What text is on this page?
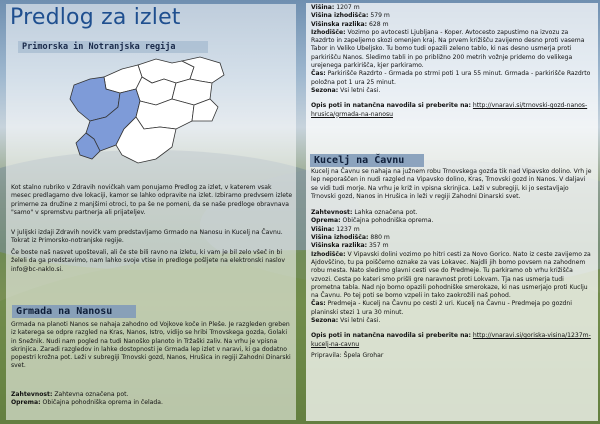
Predlog za izlet
Primorska in Notranjska regija
Kot stalno rubriko v Zdravih novičkah vam ponujamo Predlog za izlet, v katerem vsak mesec predlagamo dve lokaciji, kamor se lahko odpravite na izlet. Izbiramo predvsem izlete primerne za družine z manjšimi otroci, to pa še ne pomeni, da se naše predloge obravnava "samo" v spremstvu partnerja ali prijateljev.
V julijski izdaji Zdravih novičk vam predstavljamo Grmado na Nanosu in Kucelj na Čavnu. Tokrat iz Primorsko-notranjske regije.
Če boste naš nasvet upoštevali, ali če ste bili ravno na izletu, ki vam je bil zelo všeč in bi želeli da ga predstavimo, nam lahko svoje vtise in predloge pošljete na elektronski naslov info@bc-naklo.si.
Grmada na Nanosu
Grmada na planoti Nanos se nahaja zahodno od Vojkove koče in Pleše. Je razgleden greben iz katerega se odpre razgled na Kras, Nanos, Istro, vidijo se hribi Trnovskega gozda, Golaki in Snežnik. Nudi nam pogled na tudi Nanoško planoto in Tržaški zaliv. Na vrhu je vpisna skrinjica. Zaradi razgledov in lahke dostopnosti je Grmada lep izlet v naravi, ki ga dodatno popestri krožna pot. Leži v subregiji Trnovski gozd, Nanos, Hrušica in regiji Zahodni Dinarski svet.
Zahtevnost: Zahtevna označena pot.
Oprema: Običajna pohodniška oprema in čelada.
Višina: 1207 m
Višina izhodišča: 579 m
Višinska razlika: 628 m
Izhodišče: Vozimo po avtocesti Ljubljana - Koper. Avtocesto zapustimo na izvozu za Razdrto in zapeljemo skozi omenjen kraj. Na prvem križišču zavijemo desno proti vasema Tabor in Veliko Ubeljsko. Tu bomo tudi opazili zeleno tablo, ki nas desno usmerja proti parkirišču Nanos. Sledimo tabli in po približno 200 metrih vožnje pridemo do velikega urejenega parkirišča, kjer parkiramo.
Čas: Parkirišče Razdrto - Grmada po strmi poti 1 ura 55 minut. Grmada - parkirišče Razdrto položna pot 1 ura 25 minut.
Sezona: Vsi letni časi.
Opis poti in natančna navodila si preberite na: http://vnaravi.si/trnovski-gozd-nanos-hrusica/grmada-na-nanosu
Kucelj na Čavnu
Kucelj na Čavnu se nahaja na južnem robu Trnovskega gozda tik nad Vipavsko dolino. Vrh je lep neporaščen in nudi razgled na Vipavsko dolino, Kras, Trnovski gozd in Nanos. V daljavi se vidi tudi morje. Na vrhu je križ in vpisna skrinjica. Leži v subregiji, ki jo sestavljajo Trnovski gozd, Nanos in Hrušica in leži v regiji Zahodni Dinarski svet.
Zahtevnost: Lahka označena pot.
Oprema: Običajna pohodniška oprema.
Višina: 1237 m
Višina izhodišča: 880 m
Višinska razlika: 357 m
Izhodišče: V Vipavski dolini vozimo po hitri cesti za Novo Gorico. Nato iz ceste zavijemo za Ajdovščino, tu pa poiščemo oznake za vas Lokavec. Najdli jih bomo povsem na zahodnem robu mesta. Nato sledimo glavni cesti vse do Predmeje. Tu parkiramo ob vrhu križišča vzvozi. Cesta po kateri smo prišli gre naravnost proti Lokvam. Tja nas usmerja tudi prometna tabla. Nad njo bomo opazili pohodniške smerokaze, ki nas usmerjajo proti Kuclju na Čavnu. Po tej poti se bomo vzpeli in tako zaokrožili naš pohod.
Čas: Predmeja - Kucelj na Čavnu po cesti 2 uri. Kucelj na Čavnu - Predmeja po gozdni planinski stezi 1 ura 30 minut.
Sezona: Vsi letni časi.
Opis poti in natančna navodila si preberite na: http://vnaravi.si/goriska-visina/1237m-kucelj-na-cavnu
Pripravila: Špela Grohar
